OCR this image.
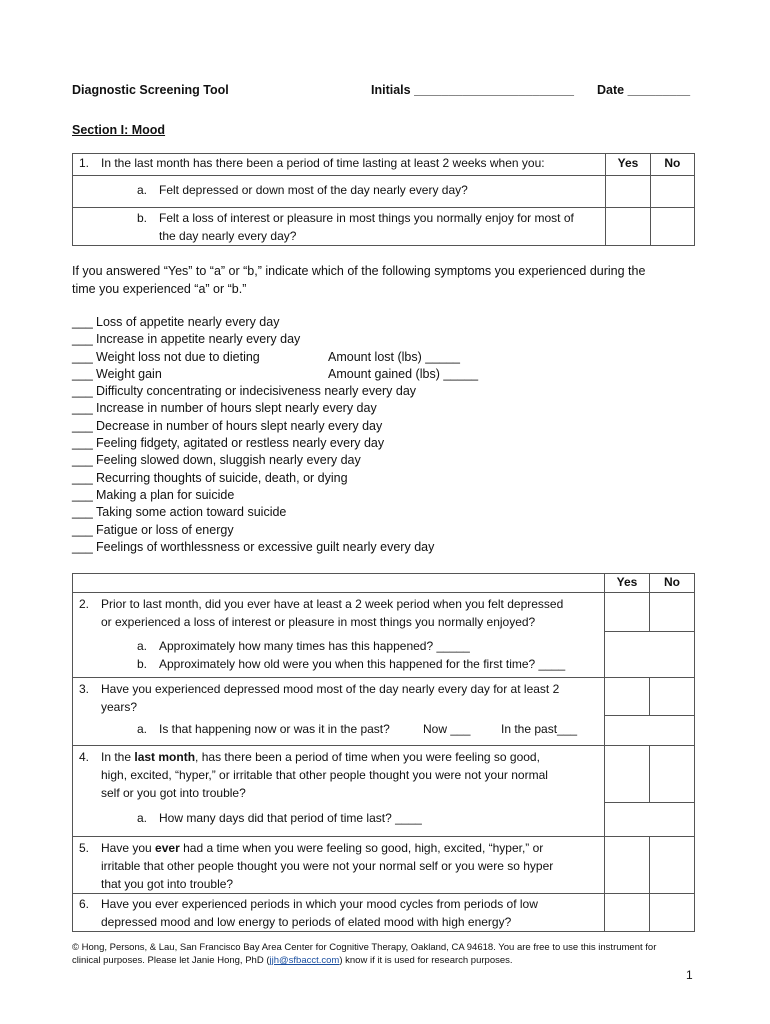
Diagnostic Screening Tool	Initials _______________________ Date _________
Section I: Mood
1. In the last month has there been a period of time lasting at least 2 weeks when you:	Yes	No

a. Felt depressed or down most of the day nearly every day?		

b. Felt a loss of interest or pleasure in most things you normally enjoy for most of
the day nearly every day?		

If you answered “Yes” to “a” or “b,” indicate which of the following symptoms you experienced during the
time you experienced “a” or “b.”
___ Loss of appetite nearly every day
___ Increase in appetite nearly every day
___ Weight loss not due to dieting	Amount lost (lbs) _____
___ Weight gain	Amount gained (lbs) _____
___ Difficulty concentrating or indecisiveness nearly every day
___ Increase in number of hours slept nearly every day
___ Decrease in number of hours slept nearly every day
___ Feeling fidgety, agitated or restless nearly every day
___ Feeling slowed down, sluggish nearly every day
___ Recurring thoughts of suicide, death, or dying
___ Making a plan for suicide
___ Taking some action toward suicide
___ Fatigue or loss of energy
___ Feelings of worthlessness or excessive guilt nearly every day
	Yes	No

2. Prior to last month, did you ever have at least a 2 week period when you felt depressed
or experienced a loss of interest or pleasure in most things you normally enjoyed?		

a. Approximately how many times has this happened? _____
b. Approximately how old were you when this happened for the first time? ____		

3. Have you experienced depressed mood most of the day nearly every day for at least 2
years?		

a. Is that happening now or was it in the past? Now ___ In the past___		

4. In the last month, has there been a period of time when you were feeling so good,
high, excited, “hyper,” or irritable that other people thought you were not your normal
self or you got into trouble?		

a. How many days did that period of time last? ____		

5. Have you ever had a time when you were feeling so good, high, excited, “hyper,” or
irritable that other people thought you were not your normal self or you were so hyper
that you got into trouble?		

6. Have you ever experienced periods in which your mood cycles from periods of low
depressed mood and low energy to periods of elated mood with high energy?		

© Hong, Persons, & Lau, San Francisco Bay Area Center for Cognitive Therapy, Oakland, CA 94618. You are free to use this instrument for
clinical purposes. Please let Janie Hong, PhD (jjh@sfbacct.com) know if it is used for research purposes.
1
